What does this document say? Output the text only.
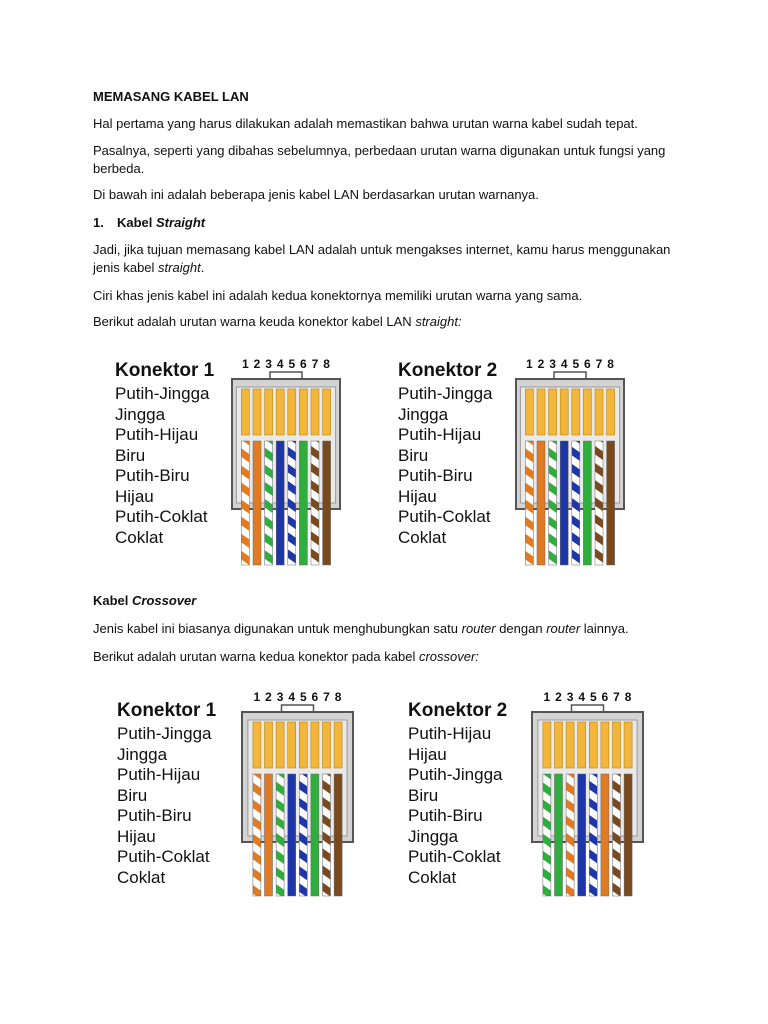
MEMASANG KABEL LAN

Hal pertama yang harus dilakukan adalah memastikan bahwa urutan warna kabel sudah tepat.

Pasalnya, seperti yang dibahas sebelumnya, perbedaan urutan warna digunakan untuk fungsi yang berbeda.

Di bawah ini adalah beberapa jenis kabel LAN berdasarkan urutan warnanya.

1. Kabel Straight

Jadi, jika tujuan memasang kabel LAN adalah untuk mengakses internet, kamu harus menggunakan jenis kabel straight.

Ciri khas jenis kabel ini adalah kedua konektornya memiliki urutan warna yang sama.

Berikut adalah urutan warna keuda konektor kabel LAN straight:

Konektor 1
Putih-Jingga
Jingga
Putih-Hijau
Biru
Putih-Biru
Hijau
Putih-Coklat
Coklat
1 2 3 4 5 6 7 8	Konektor 2
Putih-Jingga
Jingga
Putih-Hijau
Biru
Putih-Biru
Hijau
Putih-Coklat
Coklat
1 2 3 4 5 6 7 8

Kabel Crossover

Jenis kabel ini biasanya digunakan untuk menghubungkan satu router dengan router lainnya.

Berikut adalah urutan warna kedua konektor pada kabel crossover:

Konektor 1
Putih-Jingga
Jingga
Putih-Hijau
Biru
Putih-Biru
Hijau
Putih-Coklat
Coklat
1 2 3 4 5 6 7 8
Konektor 2
Putih-Hijau
Hijau
Putih-Jingga
Biru
Putih-Biru
Jingga
Putih-Coklat
Coklat
1 2 3 4 5 6 7 8
